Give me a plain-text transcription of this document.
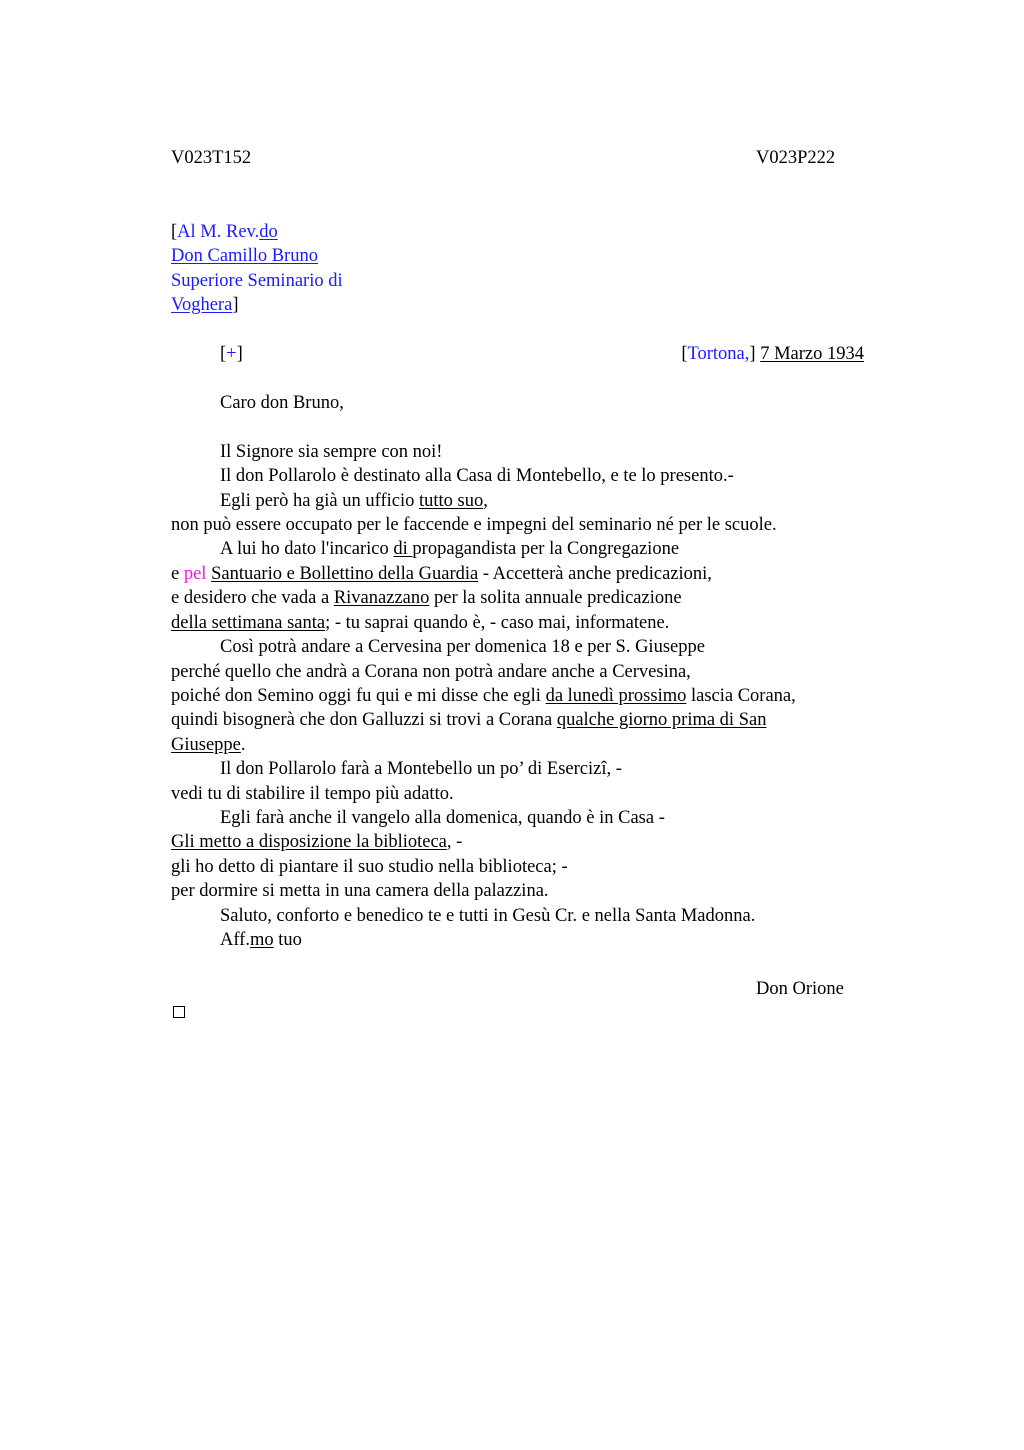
V023T152	V023P222
[Al M. Rev.do
Don Camillo Bruno
Superiore Seminario di
Voghera]
[+]	[Tortona,] 7 Marzo 1934
Caro don Bruno,
Il Signore sia sempre con noi!
Il don Pollarolo è destinato alla Casa di Montebello, e te lo presento.-
Egli però ha già un ufficio tutto suo,
non può essere occupato per le faccende e impegni del seminario né per le scuole.
A lui ho dato l'incarico di propagandista per la Congregazione
e pel Santuario e Bollettino della Guardia - Accetterà anche predicazioni,
e desidero che vada a Rivanazzano per la solita annuale predicazione
della settimana santa; - tu saprai quando è, - caso mai, informatene.
Così potrà andare a Cervesina per domenica 18 e per S. Giuseppe
perché quello che andrà a Corana non potrà andare anche a Cervesina,
poiché don Semino oggi fu qui e mi disse che egli da lunedì prossimo lascia Corana,
quindi bisognerà che don Galluzzi si trovi a Corana qualche giorno prima di San
Giuseppe.
Il don Pollarolo farà a Montebello un po’ di Esercizî, -
vedi tu di stabilire il tempo più adatto.
Egli farà anche il vangelo alla domenica, quando è in Casa -
Gli metto a disposizione la biblioteca, -
gli ho detto di piantare il suo studio nella biblioteca; -
per dormire si metta in una camera della palazzina.
Saluto, conforto e benedico te e tutti in Gesù Cr. e nella Santa Madonna.
Aff.mo tuo
Don Orione
